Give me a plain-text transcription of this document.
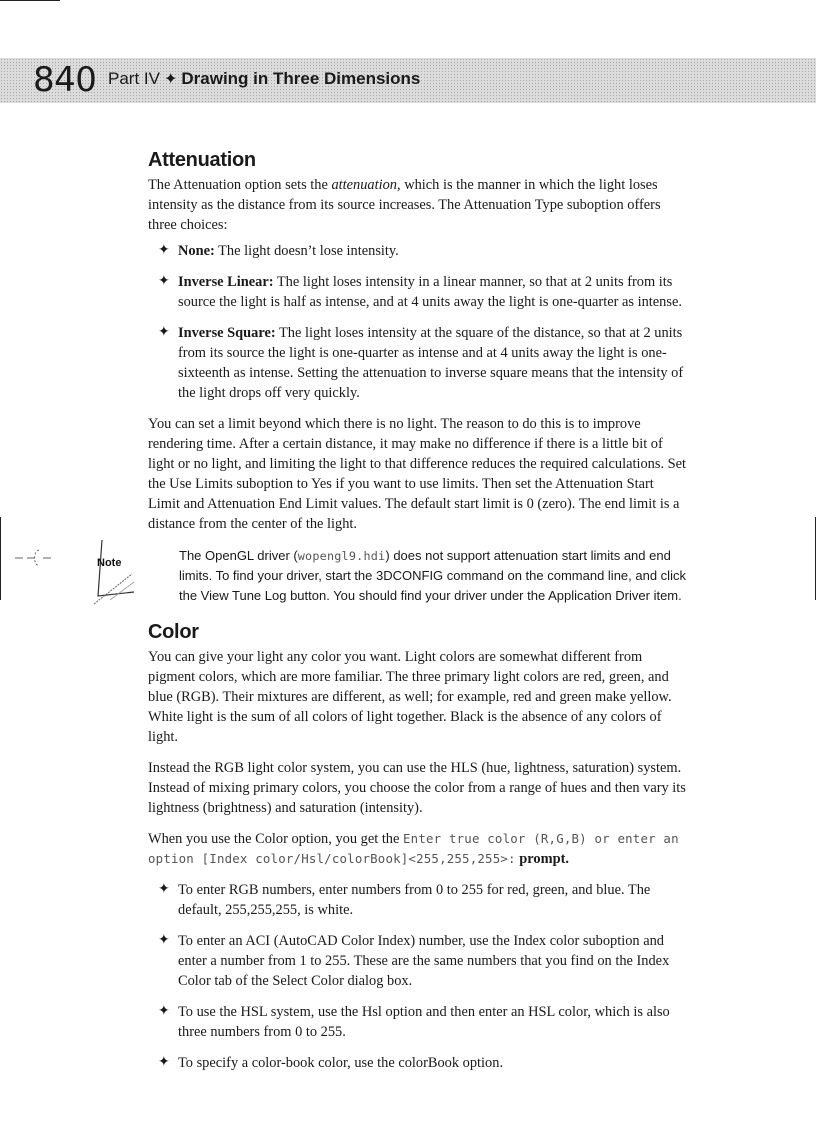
840 Part IV ✦ Drawing in Three Dimensions
Attenuation

The Attenuation option sets the attenuation, which is the manner in which the light loses intensity as the distance from its source increases. The Attenuation Type suboption offers three choices:

✦ None: The light doesn’t lose intensity.
✦ Inverse Linear: The light loses intensity in a linear manner, so that at 2 units from its source the light is half as intense, and at 4 units away the light is one-quarter as intense.
✦ Inverse Square: The light loses intensity at the square of the distance, so that at 2 units from its source the light is one-quarter as intense and at 4 units away the light is one-sixteenth as intense. Setting the attenuation to inverse square means that the intensity of the light drops off very quickly.

You can set a limit beyond which there is no light. The reason to do this is to improve rendering time. After a certain distance, it may make no difference if there is a little bit of light or no light, and limiting the light to that difference reduces the required calculations. Set the Use Limits suboption to Yes if you want to use limits. Then set the Attenuation Start Limit and Attenuation End Limit values. The default start limit is 0 (zero). The end limit is a distance from the center of the light.

Note	The OpenGL driver (wopengl9.hdi) does not support attenuation start limits and end limits. To find your driver, start the 3DCONFIG command on the command line, and click the View Tune Log button. You should find your driver under the Application Driver item.
Color

You can give your light any color you want. Light colors are somewhat different from pigment colors, which are more familiar. The three primary light colors are red, green, and blue (RGB). Their mixtures are different, as well; for example, red and green make yellow. White light is the sum of all colors of light together. Black is the absence of any colors of light.

Instead the RGB light color system, you can use the HLS (hue, lightness, saturation) system. Instead of mixing primary colors, you choose the color from a range of hues and then vary its lightness (brightness) and saturation (intensity).

When you use the Color option, you get the Enter true color (R,G,B) or enter an option [Index color/Hsl/colorBook]<255,255,255>: prompt.

✦ To enter RGB numbers, enter numbers from 0 to 255 for red, green, and blue. The default, 255,255,255, is white.
✦ To enter an ACI (AutoCAD Color Index) number, use the Index color suboption and enter a number from 1 to 255. These are the same numbers that you find on the Index Color tab of the Select Color dialog box.
✦ To use the HSL system, use the Hsl option and then enter an HSL color, which is also three numbers from 0 to 255.
✦ To specify a color-book color, use the colorBook option.
